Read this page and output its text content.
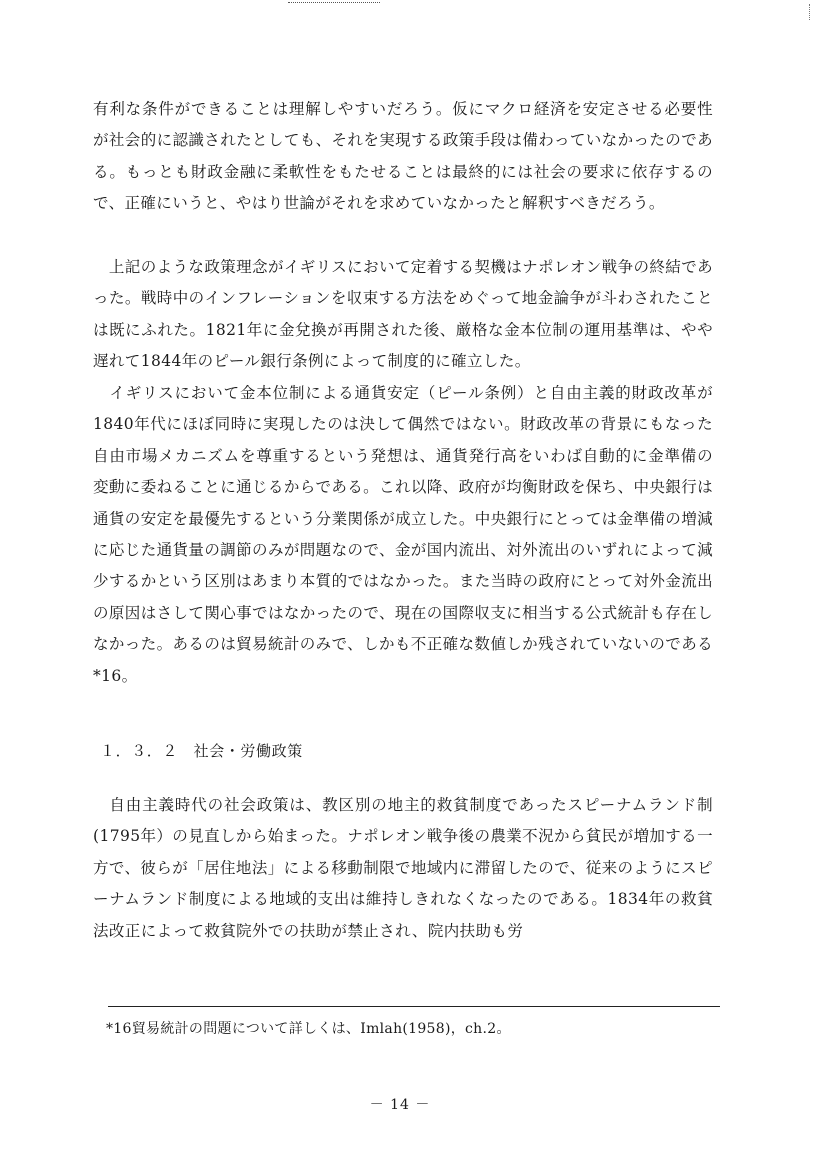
有利な条件ができることは理解しやすいだろう。仮にマクロ経済を安定させる必要性が社会的に認識されたとしても、それを実現する政策手段は備わっていなかったのである。もっとも財政金融に柔軟性をもたせることは最終的には社会の要求に依存するので、正確にいうと、やはり世論がそれを求めていなかったと解釈すべきだろう。

　上記のような政策理念がイギリスにおいて定着する契機はナポレオン戦争の終結であった。戦時中のインフレーションを収束する方法をめぐって地金論争が斗わされたことは既にふれた。1821年に金兌換が再開された後、厳格な金本位制の運用基準は、やや遅れて1844年のピール銀行条例によって制度的に確立した。

　イギリスにおいて金本位制による通貨安定（ピール条例）と自由主義的財政改革が1840年代にほぼ同時に実現したのは決して偶然ではない。財政改革の背景にもなった自由市場メカニズムを尊重するという発想は、通貨発行高をいわば自動的に金準備の変動に委ねることに通じるからである。これ以降、政府が均衡財政を保ち、中央銀行は通貨の安定を最優先するという分業関係が成立した。中央銀行にとっては金準備の増減に応じた通貨量の調節のみが問題なので、金が国内流出、対外流出のいずれによって減少するかという区別はあまり本質的ではなかった。また当時の政府にとって対外金流出の原因はさして関心事ではなかったので、現在の国際収支に相当する公式統計も存在しなかった。あるのは貿易統計のみで、しかも不正確な数値しか残されていないのである*16。

１．３．２　社会・労働政策

　自由主義時代の社会政策は、教区別の地主的救貧制度であったスピーナムランド制(1795年）の見直しから始まった。ナポレオン戦争後の農業不況から貧民が増加する一方で、彼らが「居住地法」による移動制限で地域内に滞留したので、従来のようにスピーナムランド制度による地域的支出は維持しきれなくなったのである。1834年の救貧法改正によって救貧院外での扶助が禁止され、院内扶助も労

*16貿易統計の問題について詳しくは、Imlah(1958)，ch.2。
－ 14 －
